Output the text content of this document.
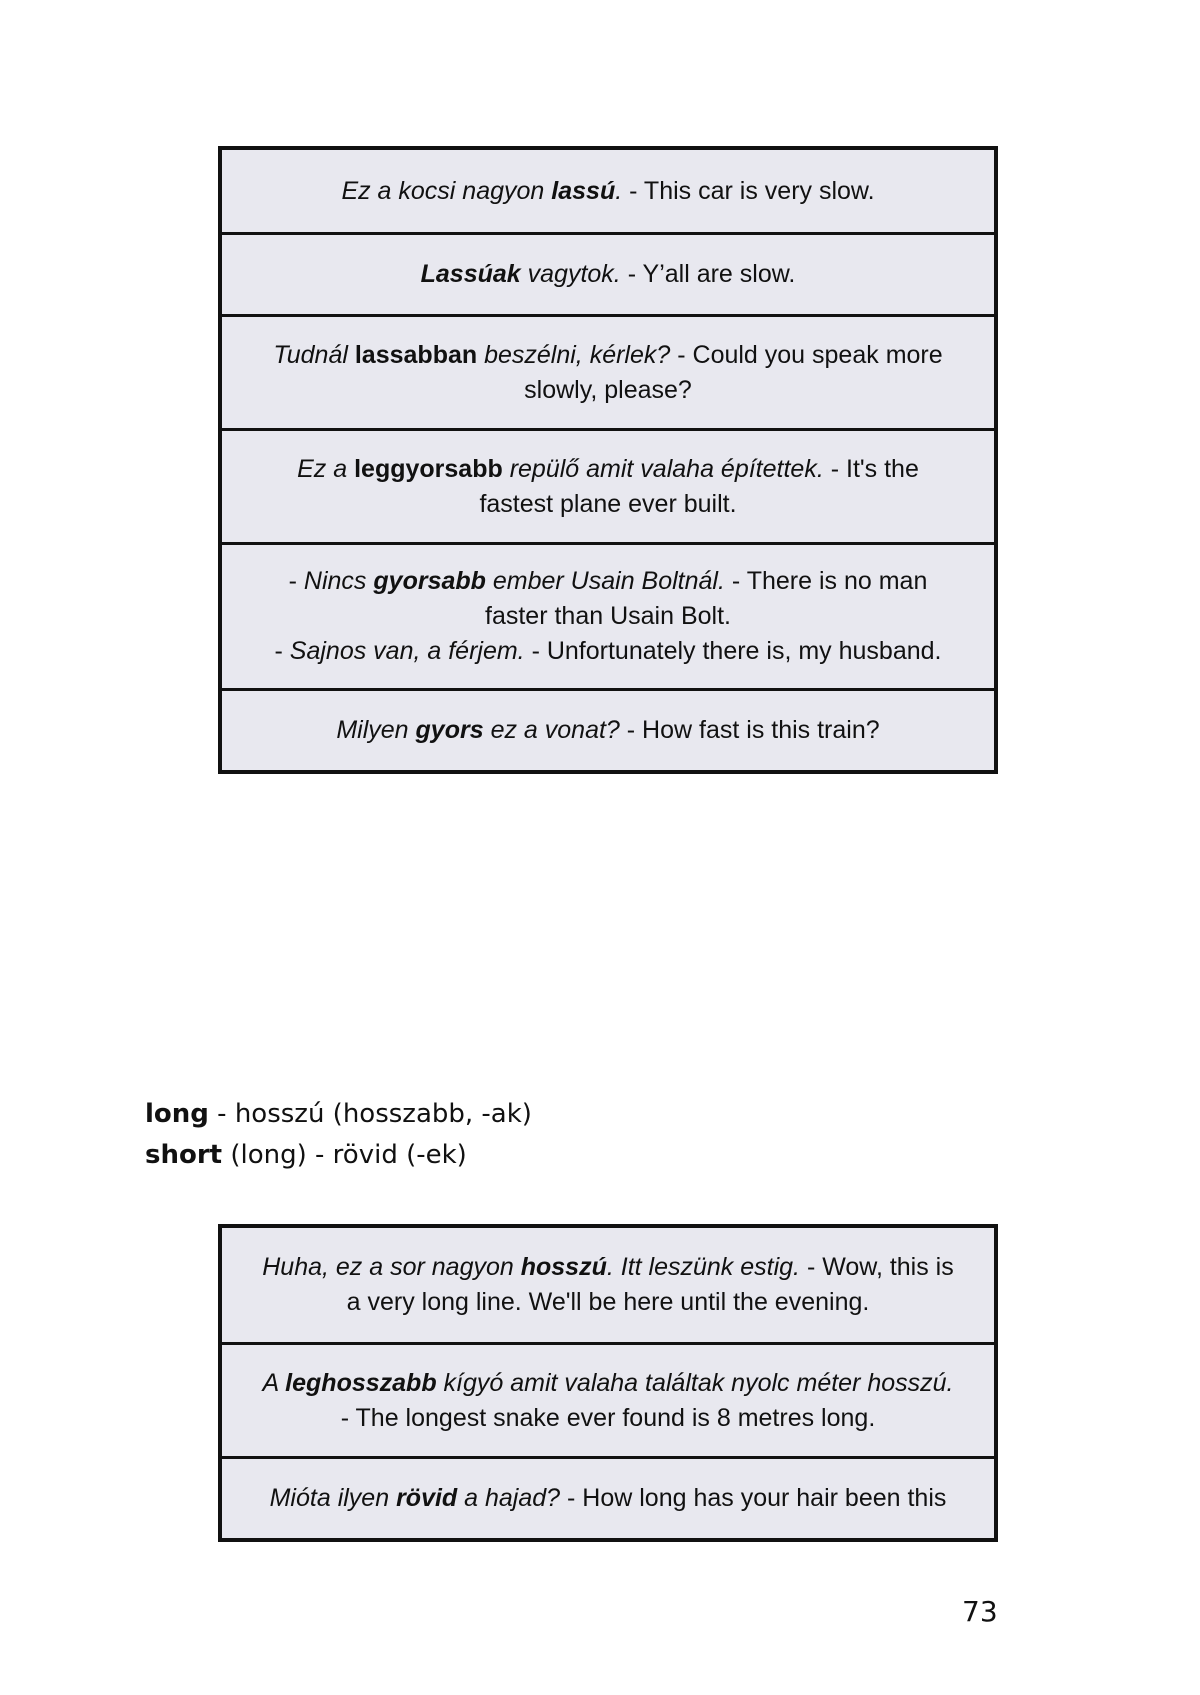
Ez a kocsi nagyon lassú. - This car is very slow.
Lassúak vagytok. - Y’all are slow.
Tudnál lassabban beszélni, kérlek? - Could you speak more
slowly, please?
Ez a leggyorsabb repülő amit valaha építettek. - It's the
fastest plane ever built.
- Nincs gyorsabb ember Usain Boltnál. - There is no man
faster than Usain Bolt.
- Sajnos van, a férjem. - Unfortunately there is, my husband.
Milyen gyors ez a vonat? - How fast is this train?
long - hosszú (hosszabb, -ak)
short (long) - rövid (-ek)
Huha, ez a sor nagyon hosszú. Itt leszünk estig. - Wow, this is
a very long line. We'll be here until the evening.
A leghosszabb kígyó amit valaha találtak nyolc méter hosszú.
- The longest snake ever found is 8 metres long.
Mióta ilyen rövid a hajad? - How long has your hair been this
73
